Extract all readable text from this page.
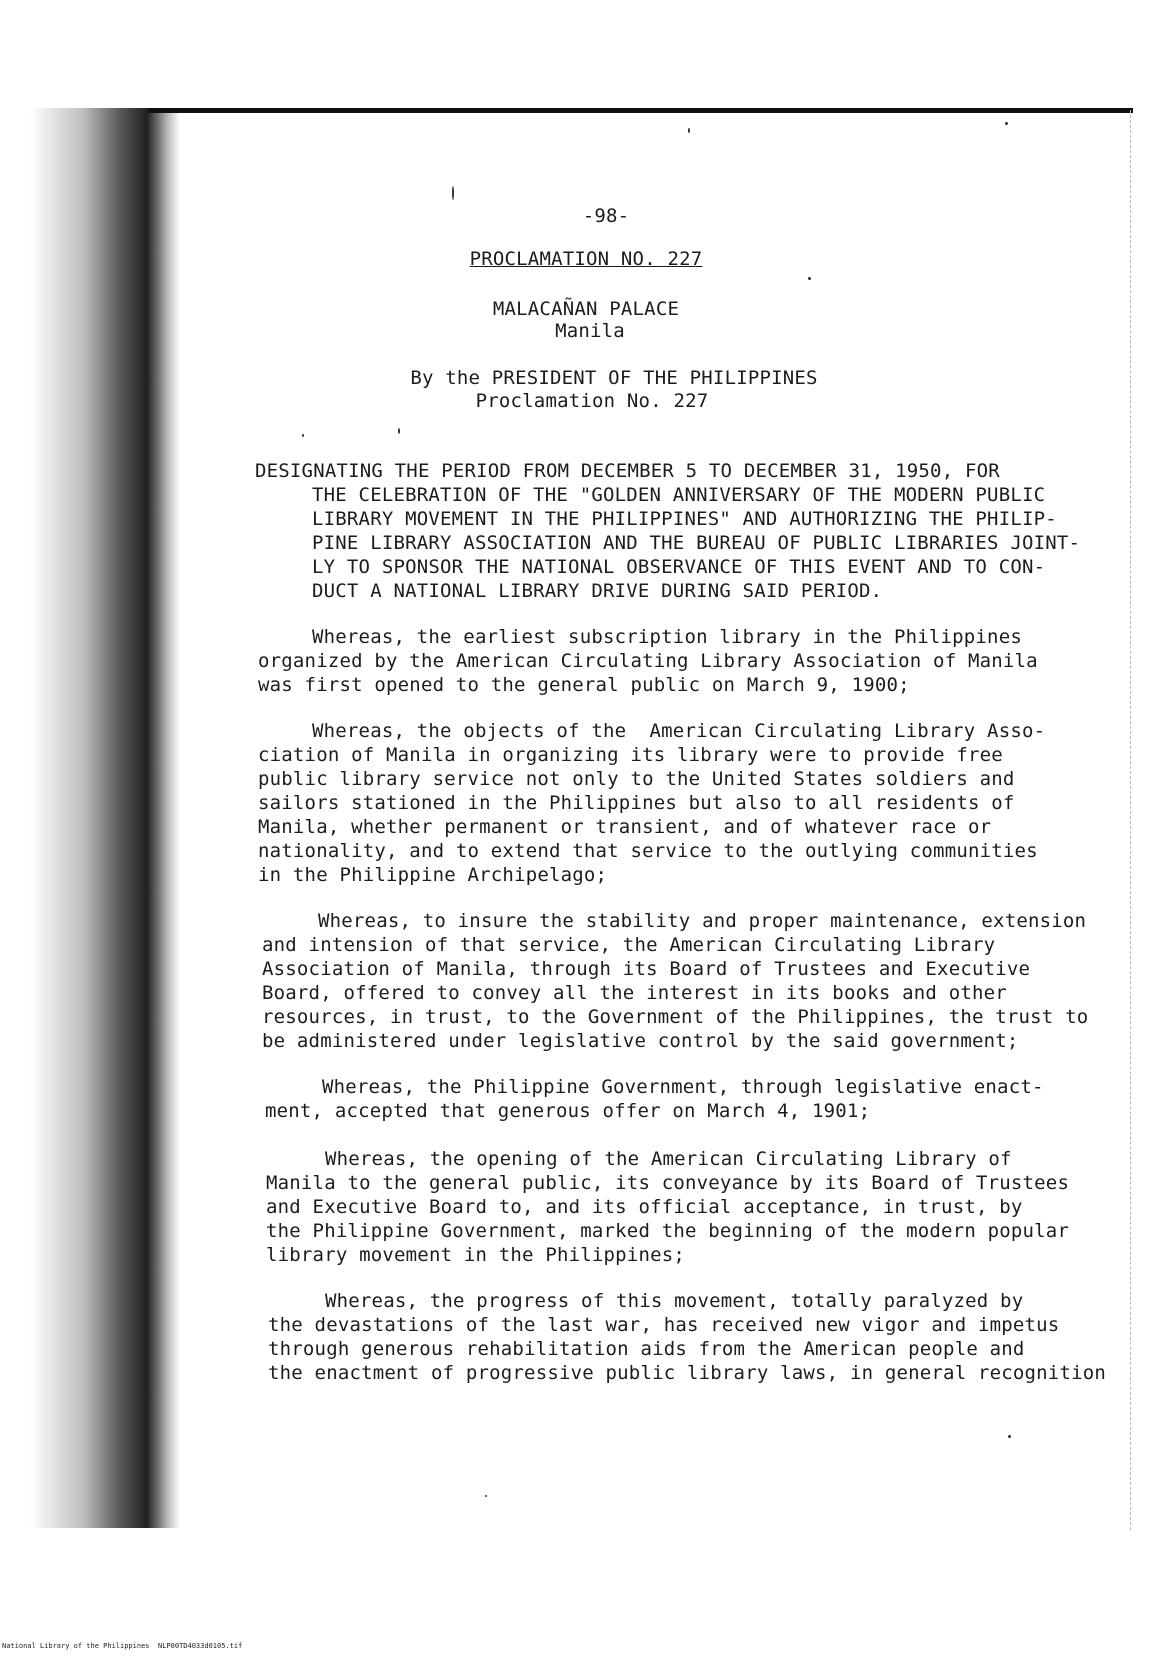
-98-

PROCLAMATION NO. 227

MALACAÑAN PALACE

Manila

By the PRESIDENT OF THE PHILIPPINES

Proclamation No. 227

DESIGNATING THE PERIOD FROM DECEMBER 5 TO DECEMBER 31, 1950, FOR

THE CELEBRATION OF THE "GOLDEN ANNIVERSARY OF THE MODERN PUBLIC

LIBRARY MOVEMENT IN THE PHILIPPINES" AND AUTHORIZING THE PHILIP-

PINE LIBRARY ASSOCIATION AND THE BUREAU OF PUBLIC LIBRARIES JOINT-

LY TO SPONSOR THE NATIONAL OBSERVANCE OF THIS EVENT AND TO CON-

DUCT A NATIONAL LIBRARY DRIVE DURING SAID PERIOD.

Whereas, the earliest subscription library in the Philippines

organized by the American Circulating Library Association of Manila

was first opened to the general public on March 9, 1900;

Whereas, the objects of the  American Circulating Library Asso-

ciation of Manila in organizing its library were to provide free

public library service not only to the United States soldiers and

sailors stationed in the Philippines but also to all residents of

Manila, whether permanent or transient, and of whatever race or

nationality, and to extend that service to the outlying communities

in the Philippine Archipelago;

Whereas, to insure the stability and proper maintenance, extension

and intension of that service, the American Circulating Library

Association of Manila, through its Board of Trustees and Executive

Board, offered to convey all the interest in its books and other

resources, in trust, to the Government of the Philippines, the trust to

be administered under legislative control by the said government;

Whereas, the Philippine Government, through legislative enact-

ment, accepted that generous offer on March 4, 1901;

Whereas, the opening of the American Circulating Library of

Manila to the general public, its conveyance by its Board of Trustees

and Executive Board to, and its official acceptance, in trust, by

the Philippine Government, marked the beginning of the modern popular

library movement in the Philippines;

Whereas, the progress of this movement, totally paralyzed by

the devastations of the last war, has received new vigor and impetus

through generous rehabilitation aids from the American people and

the enactment of progressive public library laws, in general recognition

National Library of the Philippines NLP00TD4033d0105.tif
